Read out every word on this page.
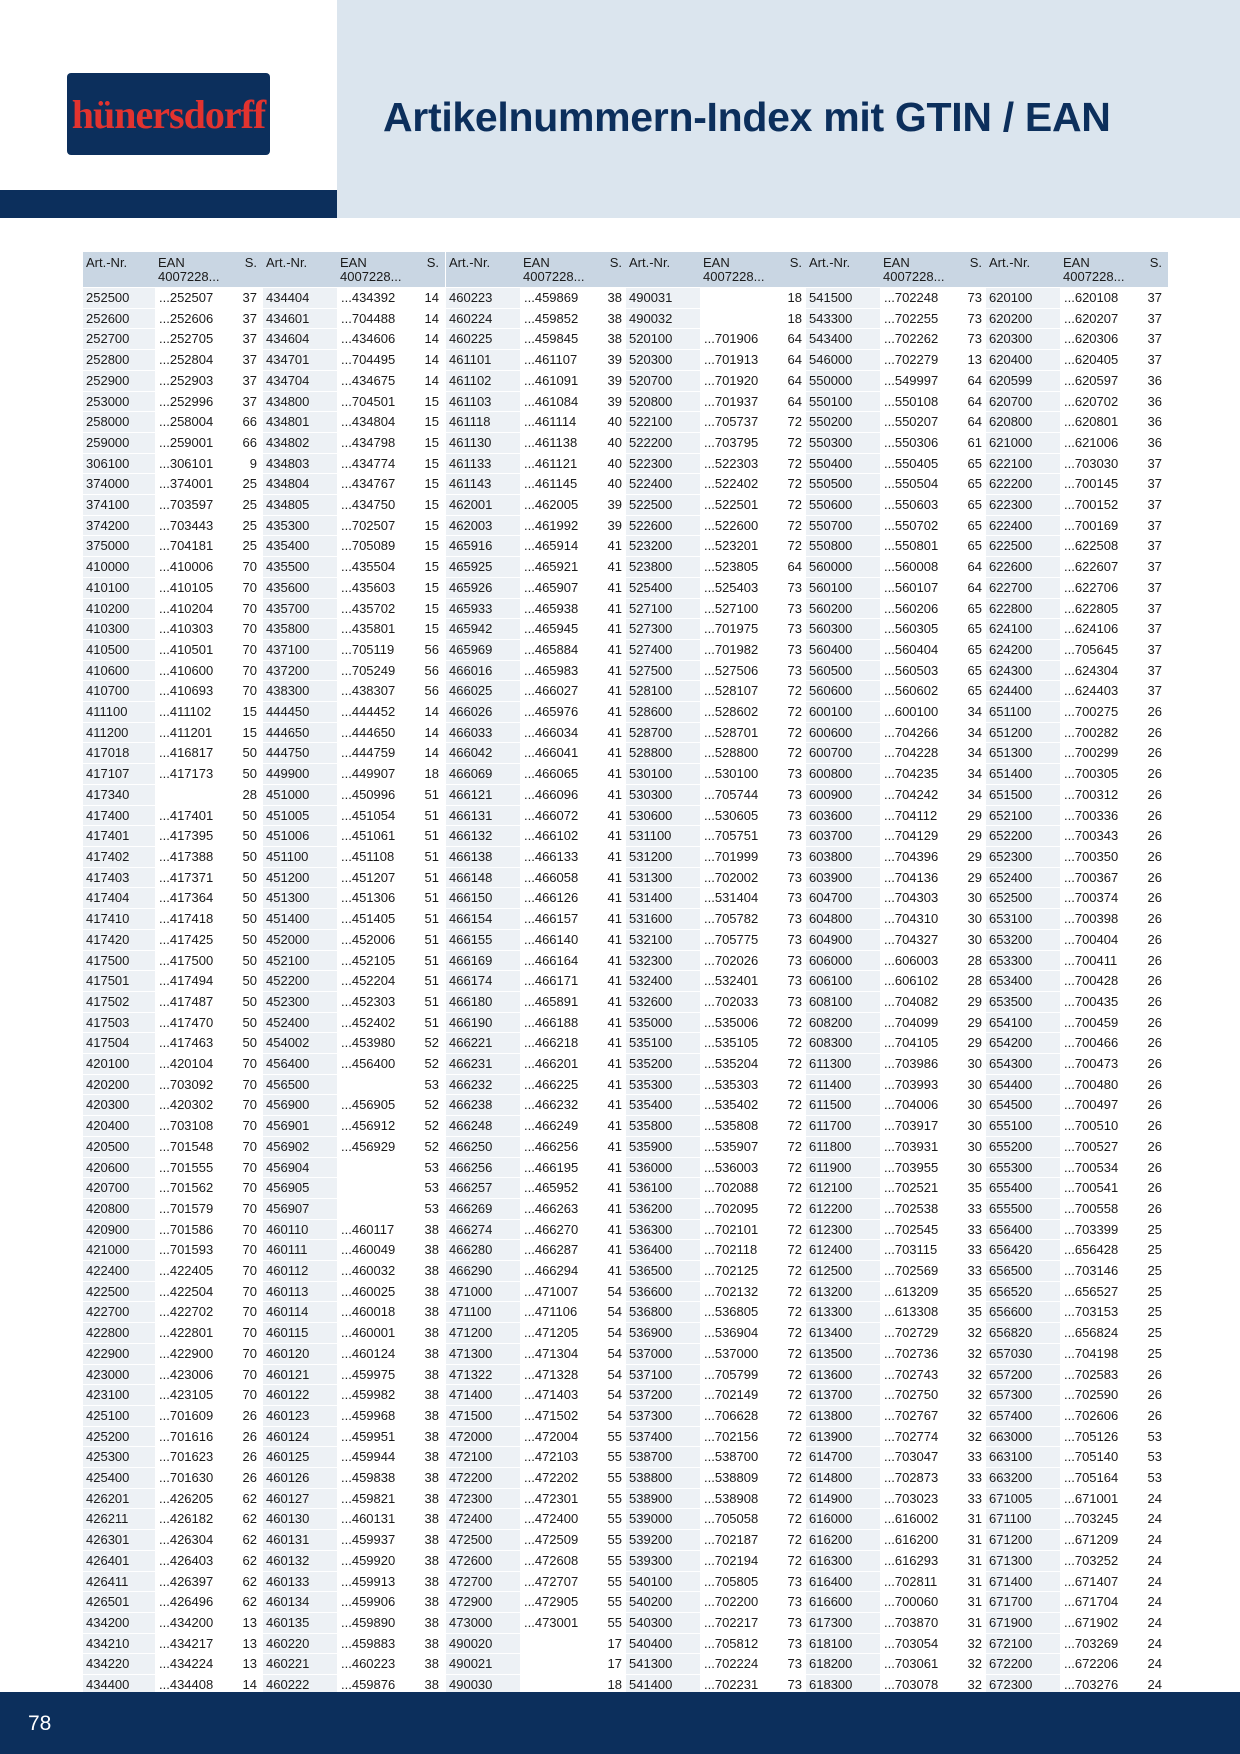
hünersdorff	Artikelnummern-Index mit GTIN / EAN
Art.-Nr.	EAN
4007228...	S.
252500	...252507	37
252600	...252606	37
252700	...252705	37
252800	...252804	37
252900	...252903	37
253000	...252996	37
258000	...258004	66
259000	...259001	66
306100	...306101	9
374000	...374001	25
374100	...703597	25
374200	...703443	25
375000	...704181	25
410000	...410006	70
410100	...410105	70
410200	...410204	70
410300	...410303	70
410500	...410501	70
410600	...410600	70
410700	...410693	70
411100	...411102	15
411200	...411201	15
417018	...416817	50
417107	...417173	50
417340		28
417400	...417401	50
417401	...417395	50
417402	...417388	50
417403	...417371	50
417404	...417364	50
417410	...417418	50
417420	...417425	50
417500	...417500	50
417501	...417494	50
417502	...417487	50
417503	...417470	50
417504	...417463	50
420100	...420104	70
420200	...703092	70
420300	...420302	70
420400	...703108	70
420500	...701548	70
420600	...701555	70
420700	...701562	70
420800	...701579	70
420900	...701586	70
421000	...701593	70
422400	...422405	70
422500	...422504	70
422700	...422702	70
422800	...422801	70
422900	...422900	70
423000	...423006	70
423100	...423105	70
425100	...701609	26
425200	...701616	26
425300	...701623	26
425400	...701630	26
426201	...426205	62
426211	...426182	62
426301	...426304	62
426401	...426403	62
426411	...426397	62
426501	...426496	62
434200	...434200	13
434210	...434217	13
434220	...434224	13
434400	...434408	14
Art.-Nr.	EAN
4007228...	S.
434404	...434392	14
434601	...704488	14
434604	...434606	14
434701	...704495	14
434704	...434675	14
434800	...704501	15
434801	...434804	15
434802	...434798	15
434803	...434774	15
434804	...434767	15
434805	...434750	15
435300	...702507	15
435400	...705089	15
435500	...435504	15
435600	...435603	15
435700	...435702	15
435800	...435801	15
437100	...705119	56
437200	...705249	56
438300	...438307	56
444450	...444452	14
444650	...444650	14
444750	...444759	14
449900	...449907	18
451000	...450996	51
451005	...451054	51
451006	...451061	51
451100	...451108	51
451200	...451207	51
451300	...451306	51
451400	...451405	51
452000	...452006	51
452100	...452105	51
452200	...452204	51
452300	...452303	51
452400	...452402	51
454002	...453980	52
456400	...456400	52
456500		53
456900	...456905	52
456901	...456912	52
456902	...456929	52
456904		53
456905		53
456907		53
460110	...460117	38
460111	...460049	38
460112	...460032	38
460113	...460025	38
460114	...460018	38
460115	...460001	38
460120	...460124	38
460121	...459975	38
460122	...459982	38
460123	...459968	38
460124	...459951	38
460125	...459944	38
460126	...459838	38
460127	...459821	38
460130	...460131	38
460131	...459937	38
460132	...459920	38
460133	...459913	38
460134	...459906	38
460135	...459890	38
460220	...459883	38
460221	...460223	38
460222	...459876	38
Art.-Nr.	EAN
4007228...	S.
460223	...459869	38
460224	...459852	38
460225	...459845	38
461101	...461107	39
461102	...461091	39
461103	...461084	39
461118	...461114	40
461130	...461138	40
461133	...461121	40
461143	...461145	40
462001	...462005	39
462003	...461992	39
465916	...465914	41
465925	...465921	41
465926	...465907	41
465933	...465938	41
465942	...465945	41
465969	...465884	41
466016	...465983	41
466025	...466027	41
466026	...465976	41
466033	...466034	41
466042	...466041	41
466069	...466065	41
466121	...466096	41
466131	...466072	41
466132	...466102	41
466138	...466133	41
466148	...466058	41
466150	...466126	41
466154	...466157	41
466155	...466140	41
466169	...466164	41
466174	...466171	41
466180	...465891	41
466190	...466188	41
466221	...466218	41
466231	...466201	41
466232	...466225	41
466238	...466232	41
466248	...466249	41
466250	...466256	41
466256	...466195	41
466257	...465952	41
466269	...466263	41
466274	...466270	41
466280	...466287	41
466290	...466294	41
471000	...471007	54
471100	...471106	54
471200	...471205	54
471300	...471304	54
471322	...471328	54
471400	...471403	54
471500	...471502	54
472000	...472004	55
472100	...472103	55
472200	...472202	55
472300	...472301	55
472400	...472400	55
472500	...472509	55
472600	...472608	55
472700	...472707	55
472900	...472905	55
473000	...473001	55
490020		17
490021		17
490030		18
Art.-Nr.	EAN
4007228...	S.
490031		18
490032		18
520100	...701906	64
520300	...701913	64
520700	...701920	64
520800	...701937	64
522100	...705737	72
522200	...703795	72
522300	...522303	72
522400	...522402	72
522500	...522501	72
522600	...522600	72
523200	...523201	72
523800	...523805	64
525400	...525403	73
527100	...527100	73
527300	...701975	73
527400	...701982	73
527500	...527506	73
528100	...528107	72
528600	...528602	72
528700	...528701	72
528800	...528800	72
530100	...530100	73
530300	...705744	73
530600	...530605	73
531100	...705751	73
531200	...701999	73
531300	...702002	73
531400	...531404	73
531600	...705782	73
532100	...705775	73
532300	...702026	73
532400	...532401	73
532600	...702033	73
535000	...535006	72
535100	...535105	72
535200	...535204	72
535300	...535303	72
535400	...535402	72
535800	...535808	72
535900	...535907	72
536000	...536003	72
536100	...702088	72
536200	...702095	72
536300	...702101	72
536400	...702118	72
536500	...702125	72
536600	...702132	72
536800	...536805	72
536900	...536904	72
537000	...537000	72
537100	...705799	72
537200	...702149	72
537300	...706628	72
537400	...702156	72
538700	...538700	72
538800	...538809	72
538900	...538908	72
539000	...705058	72
539200	...702187	72
539300	...702194	72
540100	...705805	73
540200	...702200	73
540300	...702217	73
540400	...705812	73
541300	...702224	73
541400	...702231	73
Art.-Nr.	EAN
4007228...	S.
541500	...702248	73
543300	...702255	73
543400	...702262	73
546000	...702279	13
550000	...549997	64
550100	...550108	64
550200	...550207	64
550300	...550306	61
550400	...550405	65
550500	...550504	65
550600	...550603	65
550700	...550702	65
550800	...550801	65
560000	...560008	64
560100	...560107	64
560200	...560206	65
560300	...560305	65
560400	...560404	65
560500	...560503	65
560600	...560602	65
600100	...600100	34
600600	...704266	34
600700	...704228	34
600800	...704235	34
600900	...704242	34
603600	...704112	29
603700	...704129	29
603800	...704396	29
603900	...704136	29
604700	...704303	30
604800	...704310	30
604900	...704327	30
606000	...606003	28
606100	...606102	28
608100	...704082	29
608200	...704099	29
608300	...704105	29
611300	...703986	30
611400	...703993	30
611500	...704006	30
611700	...703917	30
611800	...703931	30
611900	...703955	30
612100	...702521	35
612200	...702538	33
612300	...702545	33
612400	...703115	33
612500	...702569	33
613200	...613209	35
613300	...613308	35
613400	...702729	32
613500	...702736	32
613600	...702743	32
613700	...702750	32
613800	...702767	32
613900	...702774	32
614700	...703047	33
614800	...702873	33
614900	...703023	33
616000	...616002	31
616200	...616200	31
616300	...616293	31
616400	...702811	31
616600	...700060	31
617300	...703870	31
618100	...703054	32
618200	...703061	32
618300	...703078	32
Art.-Nr.	EAN
4007228...	S.
620100	...620108	37
620200	...620207	37
620300	...620306	37
620400	...620405	37
620599	...620597	36
620700	...620702	36
620800	...620801	36
621000	...621006	36
622100	...703030	37
622200	...700145	37
622300	...700152	37
622400	...700169	37
622500	...622508	37
622600	...622607	37
622700	...622706	37
622800	...622805	37
624100	...624106	37
624200	...705645	37
624300	...624304	37
624400	...624403	37
651100	...700275	26
651200	...700282	26
651300	...700299	26
651400	...700305	26
651500	...700312	26
652100	...700336	26
652200	...700343	26
652300	...700350	26
652400	...700367	26
652500	...700374	26
653100	...700398	26
653200	...700404	26
653300	...700411	26
653400	...700428	26
653500	...700435	26
654100	...700459	26
654200	...700466	26
654300	...700473	26
654400	...700480	26
654500	...700497	26
655100	...700510	26
655200	...700527	26
655300	...700534	26
655400	...700541	26
655500	...700558	26
656400	...703399	25
656420	...656428	25
656500	...703146	25
656520	...656527	25
656600	...703153	25
656820	...656824	25
657030	...704198	25
657200	...702583	26
657300	...702590	26
657400	...702606	26
663000	...705126	53
663100	...705140	53
663200	...705164	53
671005	...671001	24
671100	...703245	24
671200	...671209	24
671300	...703252	24
671400	...671407	24
671700	...671704	24
671900	...671902	24
672100	...703269	24
672200	...672206	24
672300	...703276	24
78
